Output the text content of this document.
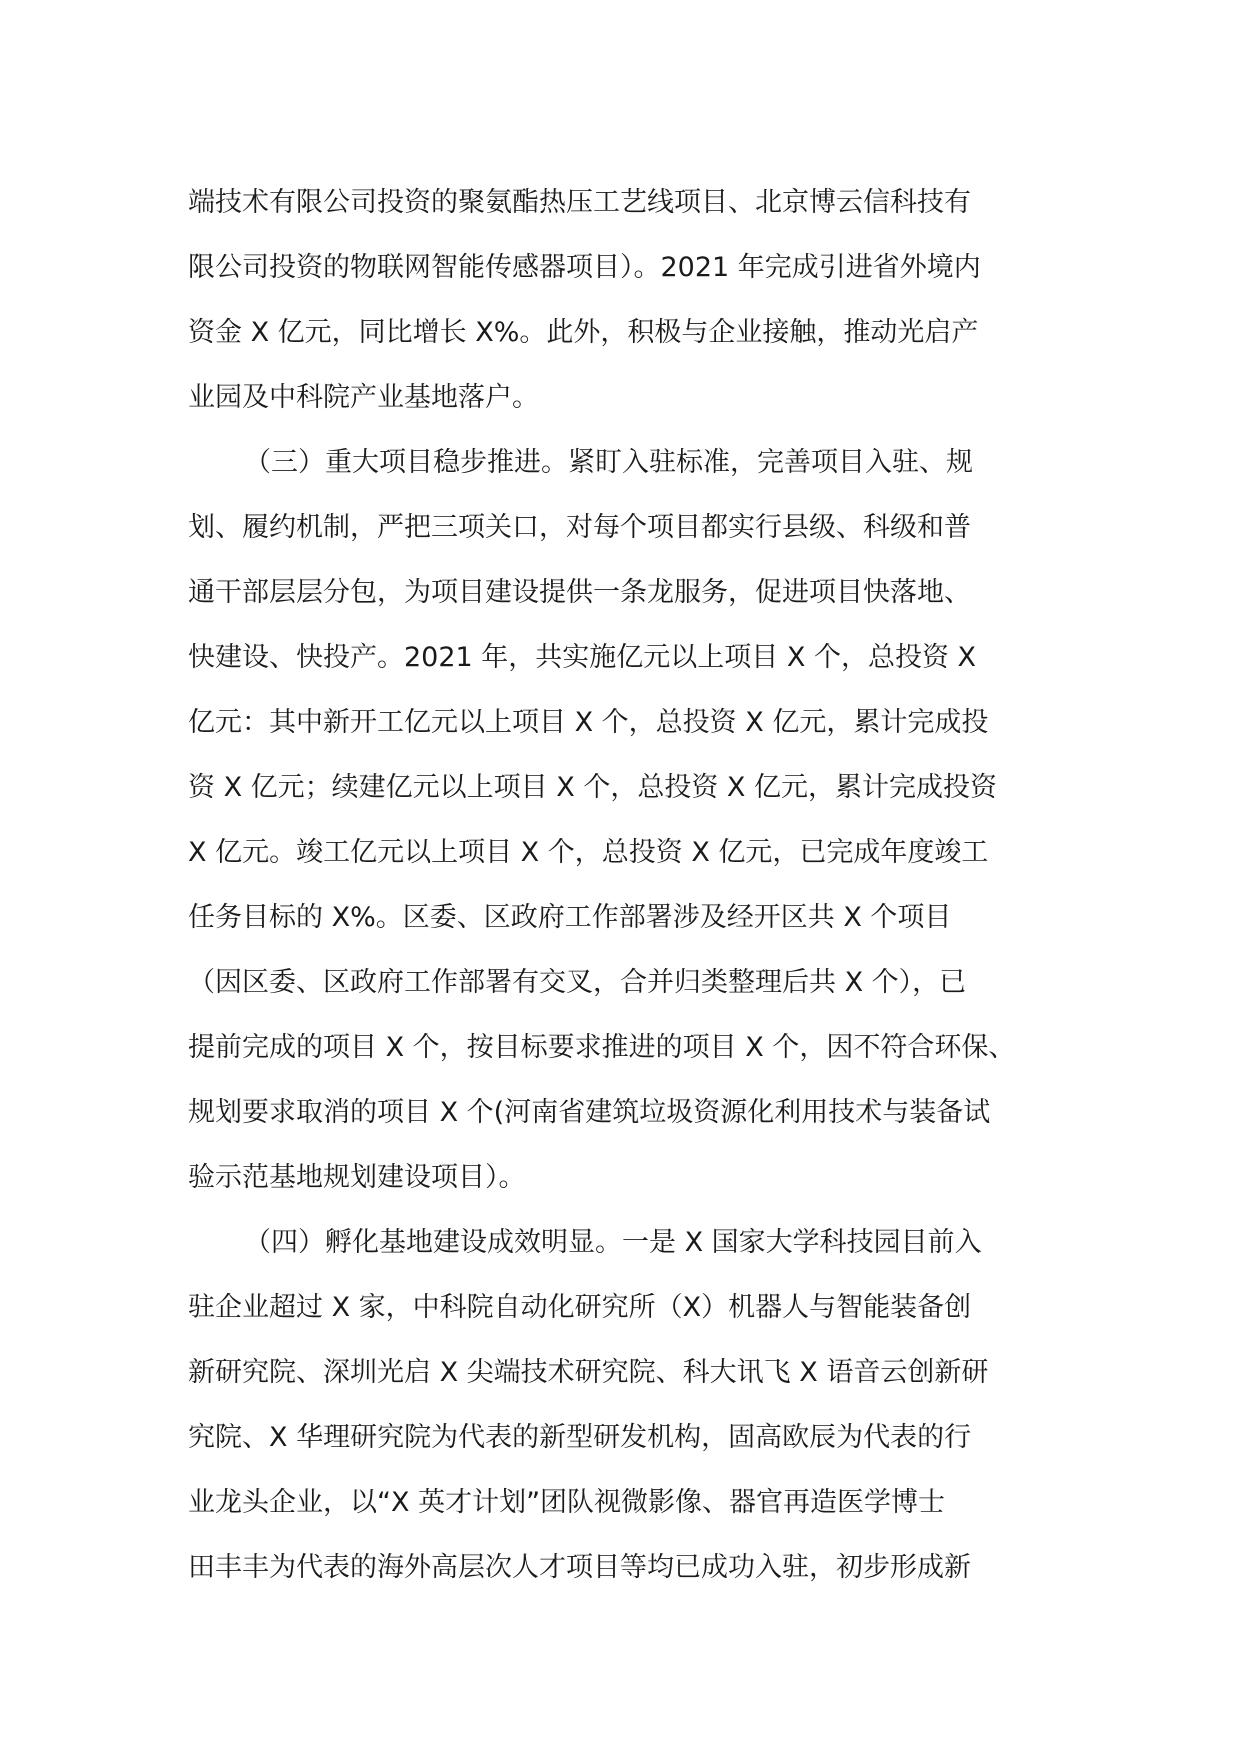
端技术有限公司投资的聚氨酯热压工艺线项目、北京博云信科技有
限公司投资的物联网智能传感器项目）。2021 年完成引进省外境内
资金 X 亿元，同比增长 X%。此外，积极与企业接触，推动光启产
业园及中科院产业基地落户。
（三）重大项目稳步推进。紧盯入驻标准，完善项目入驻、规
划、履约机制，严把三项关口，对每个项目都实行县级、科级和普
通干部层层分包，为项目建设提供一条龙服务，促进项目快落地、
快建设、快投产。2021 年，共实施亿元以上项目 X 个，总投资 X
亿元：其中新开工亿元以上项目 X 个，总投资 X 亿元，累计完成投
资 X 亿元；续建亿元以上项目 X 个，总投资 X 亿元，累计完成投资
X 亿元。竣工亿元以上项目 X 个，总投资 X 亿元，已完成年度竣工
任务目标的 X%。区委、区政府工作部署涉及经开区共 X 个项目
（因区委、区政府工作部署有交叉，合并归类整理后共 X 个），已
提前完成的项目 X 个，按目标要求推进的项目 X 个，因不符合环保、
规划要求取消的项目 X 个(河南省建筑垃圾资源化利用技术与装备试
验示范基地规划建设项目）。
（四）孵化基地建设成效明显。一是 X 国家大学科技园目前入
驻企业超过 X 家，中科院自动化研究所（X）机器人与智能装备创
新研究院、深圳光启 X 尖端技术研究院、科大讯飞 X 语音云创新研
究院、X 华理研究院为代表的新型研发机构，固高欧辰为代表的行
业龙头企业，以“X 英才计划”团队视微影像、器官再造医学博士
田丰丰为代表的海外高层次人才项目等均已成功入驻，初步形成新
